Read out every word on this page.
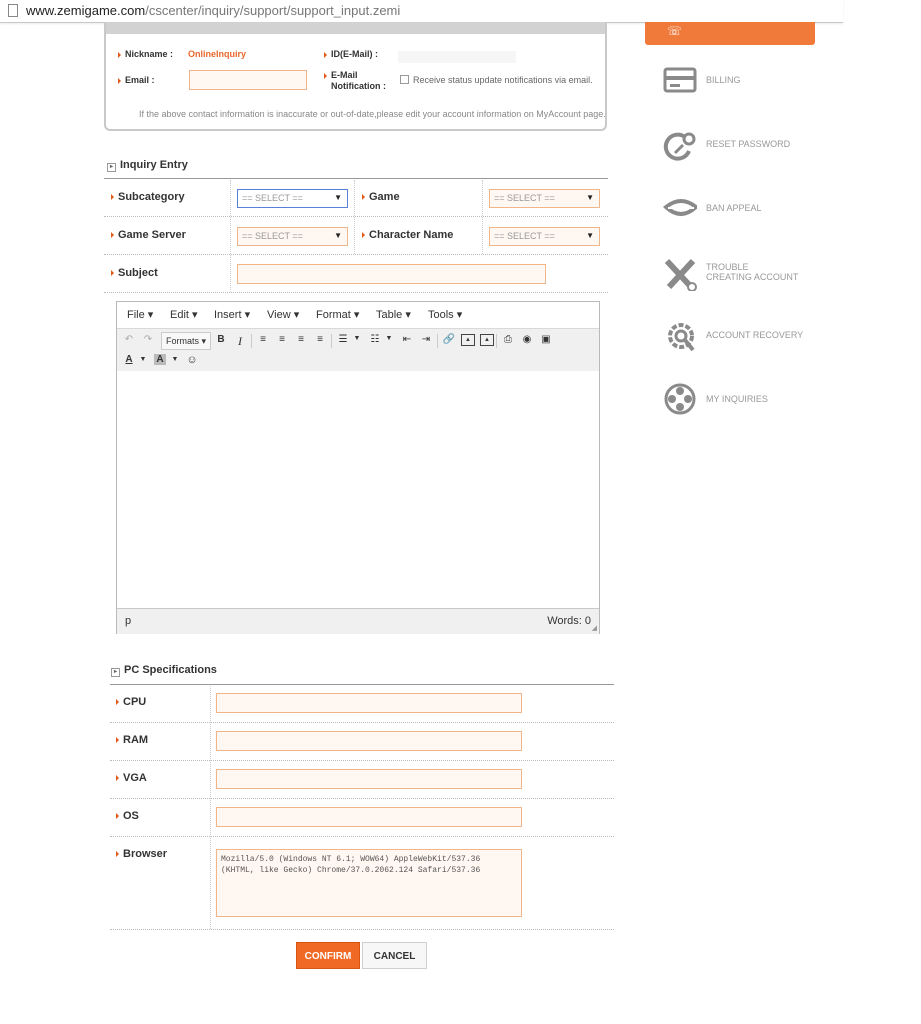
www.zemigame.com/cscenter/inquiry/support/support_input.zemi
Nickname : OnlineInquiry	ID(E-Mail) :
Email :	E-Mail
Notification :
Receive status update notifications via email.
If the above contact information is inaccurate or out-of-date,please edit your account information on MyAccount page.
▸ Inquiry Entry
Subcategory	== SELECT ==	▼	Game	== SELECT ==	▼
Game Server	== SELECT ==	▼	Character Name	== SELECT ==	▼
Subject
File ▾ Edit ▾ Insert ▾ View ▾ Format ▾ Table ▾ Tools ▾
↶ ↷	Formats ▾	B	I	≡	≡	≡	≡	☰ ▼ ☷ ▼ ⇤ ⇥ 🔗	▲	▲	⎙	◉ ▣
A ▼ A	▼ ☺
p	Words: 0
◢
▸ PC Specifications
CPU
RAM
VGA
OS
Browser
Mozilla/5.0 (Windows NT 6.1; WOW64) AppleWebKit/537.36 (KHTML, like Gecko) Chrome/37.0.2062.124 Safari/537.36
CONFIRM	CANCEL
☏
BILLING
RESET PASSWORD
BAN APPEAL
TROUBLE
CREATING ACCOUNT
ACCOUNT RECOVERY
MY INQUIRIES
